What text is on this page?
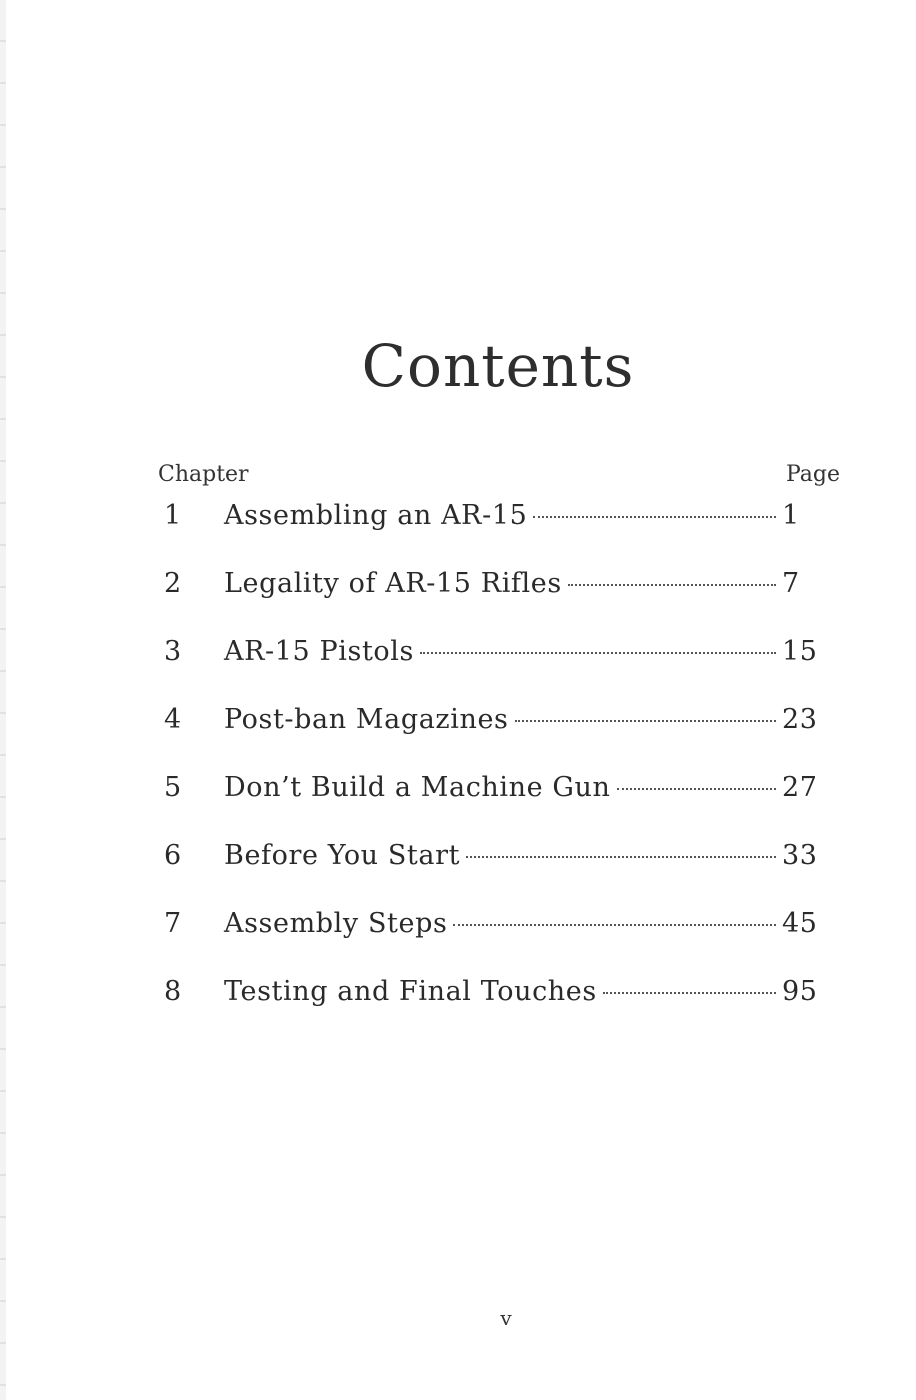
Contents
Chapter	Page
1	Assembling an AR-15	1
2	Legality of AR-15 Rifles	7
3	AR-15 Pistols	15
4	Post-ban Magazines	23
5	Don’t Build a Machine Gun	27
6	Before You Start	33
7	Assembly Steps	45
8	Testing and Final Touches	95
v
